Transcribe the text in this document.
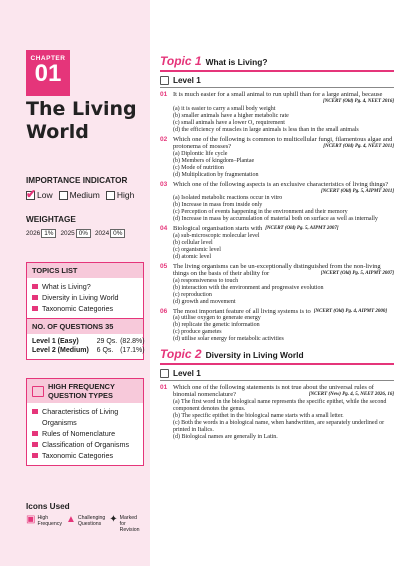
CHAPTER
01
The Living
World
IMPORTANCE INDICATOR
✔ Low Medium High
WEIGHTAGE
2026 1%	2025 0%	2024 0%
TOPICS LIST
What is Living?
Diversity in Living World
Taxonomic Categories
NO. OF QUESTIONS 35
Level 1 (Easy)	29 Qs.	(82.8%)
Level 2 (Medium)	6 Qs.	(17.1%)
HIGH FREQUENCY
QUESTION TYPES
Characteristics of Living Organisms
Rules of Nomenclature
Classification of Organisms
Taxonomic Categories
Icons Used
▣ High
Frequency ▲ Challenging
Questions ✦ Marked for
Revision
Topic 1 What is Living?
Level 1
01 It is much easier for a small animal to run uphill than for a large animal, because
[NCERT (Old) Pg. 4, NEET 2016]
(a) it is easier to carry a small body weight
(b) smaller animals have a higher metabolic rate
(c) small animals have a lower O₂ requirement
(d) the efficiency of muscles in large animals is less than in the small animals
02 Which one of the following is common to multicellular fungi, filamentous algae and protonema of mosses?	[NCERT (Old) Pg. 4, NEET 2011]
(a) Diplontic life cycle
(b) Members of kingdom–Plantae
(c) Mode of nutrition
(d) Multiplication by fragmentation
03 Which one of the following aspects is an exclusive characteristics of living things?
[NCERT (Old) Pg. 5, AIPMT 2011]
(a) Isolated metabolic reactions occur in vitro
(b) Increase in mass from inside only
(c) Perception of events happening in the environment and their memory
(d) Increase in mass by accumulation of material both on surface as well as internally
04 Biological organisation starts with [NCERT (Old) Pg. 5, AIPMT 2007]
(a) sub-microscopic molecular level
(b) cellular level
(c) organismic level
(d) atomic level
05 The living organisms can be un-exceptionally distinguished from the non-living things on the basis of their ability for	[NCERT (Old) Pg. 5, AIPMT 2007]
(a) responsiveness to touch
(b) interaction with the environment and progressive evolution
(c) reproduction
(d) growth and movement
06 The most important feature of all living systems is to [NCERT (Old) Pg. 4, AIPMT 2000]
(a) utilise oxygen to generate energy
(b) replicate the genetic information
(c) produce gametes
(d) utilise solar energy for metabolic activities
Topic 2 Diversity in Living World
Level 1
01 Which one of the following statements is not true about the universal rules of binomial nomenclature?	[NCERT (New) Pg. 4, 5, NEET 2026, 16]
(a) The first word in the biological name represents the specific epithet, while the second component denotes the genus.
(b) The specific epithet in the biological name starts with a small letter.
(c) Both the words in a biological name, when handwritten, are separately underlined or printed in Italics.
(d) Biological names are generally in Latin.
